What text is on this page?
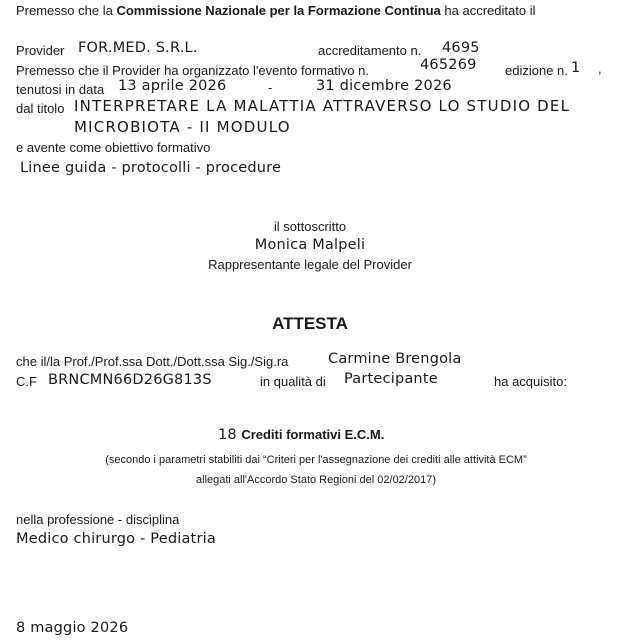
Premesso che la Commissione Nazionale per la Formazione Continua ha accreditato il
Provider FOR.MED. S.R.L.	accreditamento n. 4695
Premesso che il Provider ha organizzato l'evento formativo n.	465269 edizione n. 1 ,
tenutosi in data 13 aprile 2026	-	31 dicembre 2026
dal titolo INTERPRETARE LA MALATTIA ATTRAVERSO LO STUDIO DEL
MICROBIOTA - II MODULO
e avente come obiettivo formativo
Linee guida - protocolli - procedure
il sottoscritto
Monica Malpeli
Rappresentante legale del Provider
ATTESTA
che il/la Prof./Prof.ssa Dott./Dott.ssa Sig./Sig.ra	Carmine Brengola
C.F BRNCMN66D26G813S	in qualità di Partecipante	ha acquisito:
18 Crediti formativi E.C.M.
(secondo i parametri stabiliti dai “Criteri per l'assegnazione dei crediti alle attività ECM”
allegati all'Accordo Stato Regioni del 02/02/2017)
nella professione - disciplina
Medico chirurgo - Pediatria
8 maggio 2026
